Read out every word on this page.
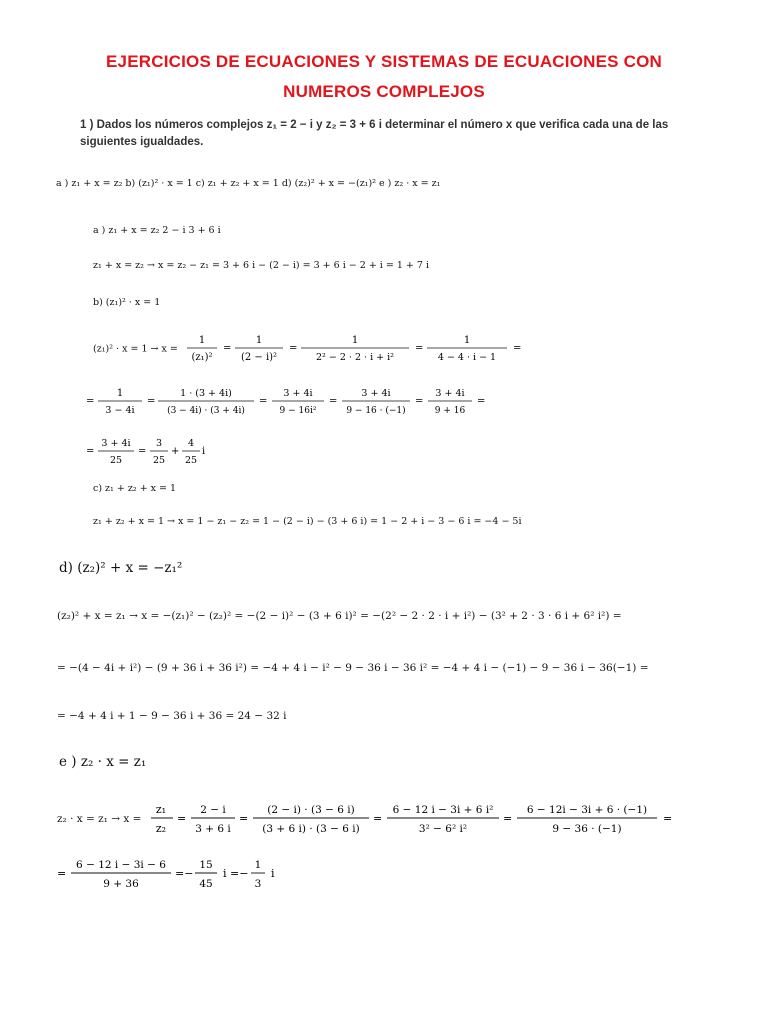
EJERCICIOS DE ECUACIONES Y SISTEMAS DE ECUACIONES CON
NUMEROS COMPLEJOS
1 ) Dados los números complejos z₁ = 2 − i y z₂ = 3 + 6 i determinar el número x que verifica cada una de las
siguientes igualdades.
a ) z₁ + x = z₂ b) (z₁)² · x = 1 c) z₁ + z₂ + x = 1 d) (z₂)² + x = −(z₁)² e ) z₂ · x = z₁
a ) z₁ + x = z₂ 2 − i 3 + 6 i
z₁ + x = z₂ → x = z₂ − z₁ = 3 + 6 i − (2 − i) = 3 + 6 i − 2 + i = 1 + 7 i
b) (z₁)² · x = 1
(z₁)² · x = 1 → x =
1
(z₁)²
=
1
(2 − i)²
=
1
2² − 2 · 2 · i + i²
=
1
4 − 4 · i − 1
=
=
1
3 − 4i
=
1 · (3 + 4i)
(3 − 4i) · (3 + 4i)
=
3 + 4i
9 − 16i²
=
3 + 4i
9 − 16 · (−1)
=
3 + 4i
9 + 16
=
=
3 + 4i
25
=
3
25
+
4
25
i
c) z₁ + z₂ + x = 1
z₁ + z₂ + x = 1 → x = 1 − z₁ − z₂ = 1 − (2 − i) − (3 + 6 i) = 1 − 2 + i − 3 − 6 i = −4 − 5i
d) (z₂)² + x = −z₁²
(z₂)² + x = z₁ → x = −(z₁)² − (z₂)² = −(2 − i)² − (3 + 6 i)² = −(2² − 2 · 2 · i + i²) − (3² + 2 · 3 · 6 i + 6² i²) =
= −(4 − 4i + i²) − (9 + 36 i + 36 i²) = −4 + 4 i − i² − 9 − 36 i − 36 i² = −4 + 4 i − (−1) − 9 − 36 i − 36(−1) =
= −4 + 4 i + 1 − 9 − 36 i + 36 = 24 − 32 i
e ) z₂ · x = z₁
z₂ · x = z₁ → x =
z₁
z₂
=
2 − i
3 + 6 i
=
(2 − i) · (3 − 6 i)
(3 + 6 i) · (3 − 6 i)
=
6 − 12 i − 3i + 6 i²
3² − 6² i²
=
6 − 12i − 3i + 6 · (−1)
9 − 36 · (−1)
=
=
6 − 12 i − 3i − 6
9 + 36
=−
15
45
i =−
1
3
i
